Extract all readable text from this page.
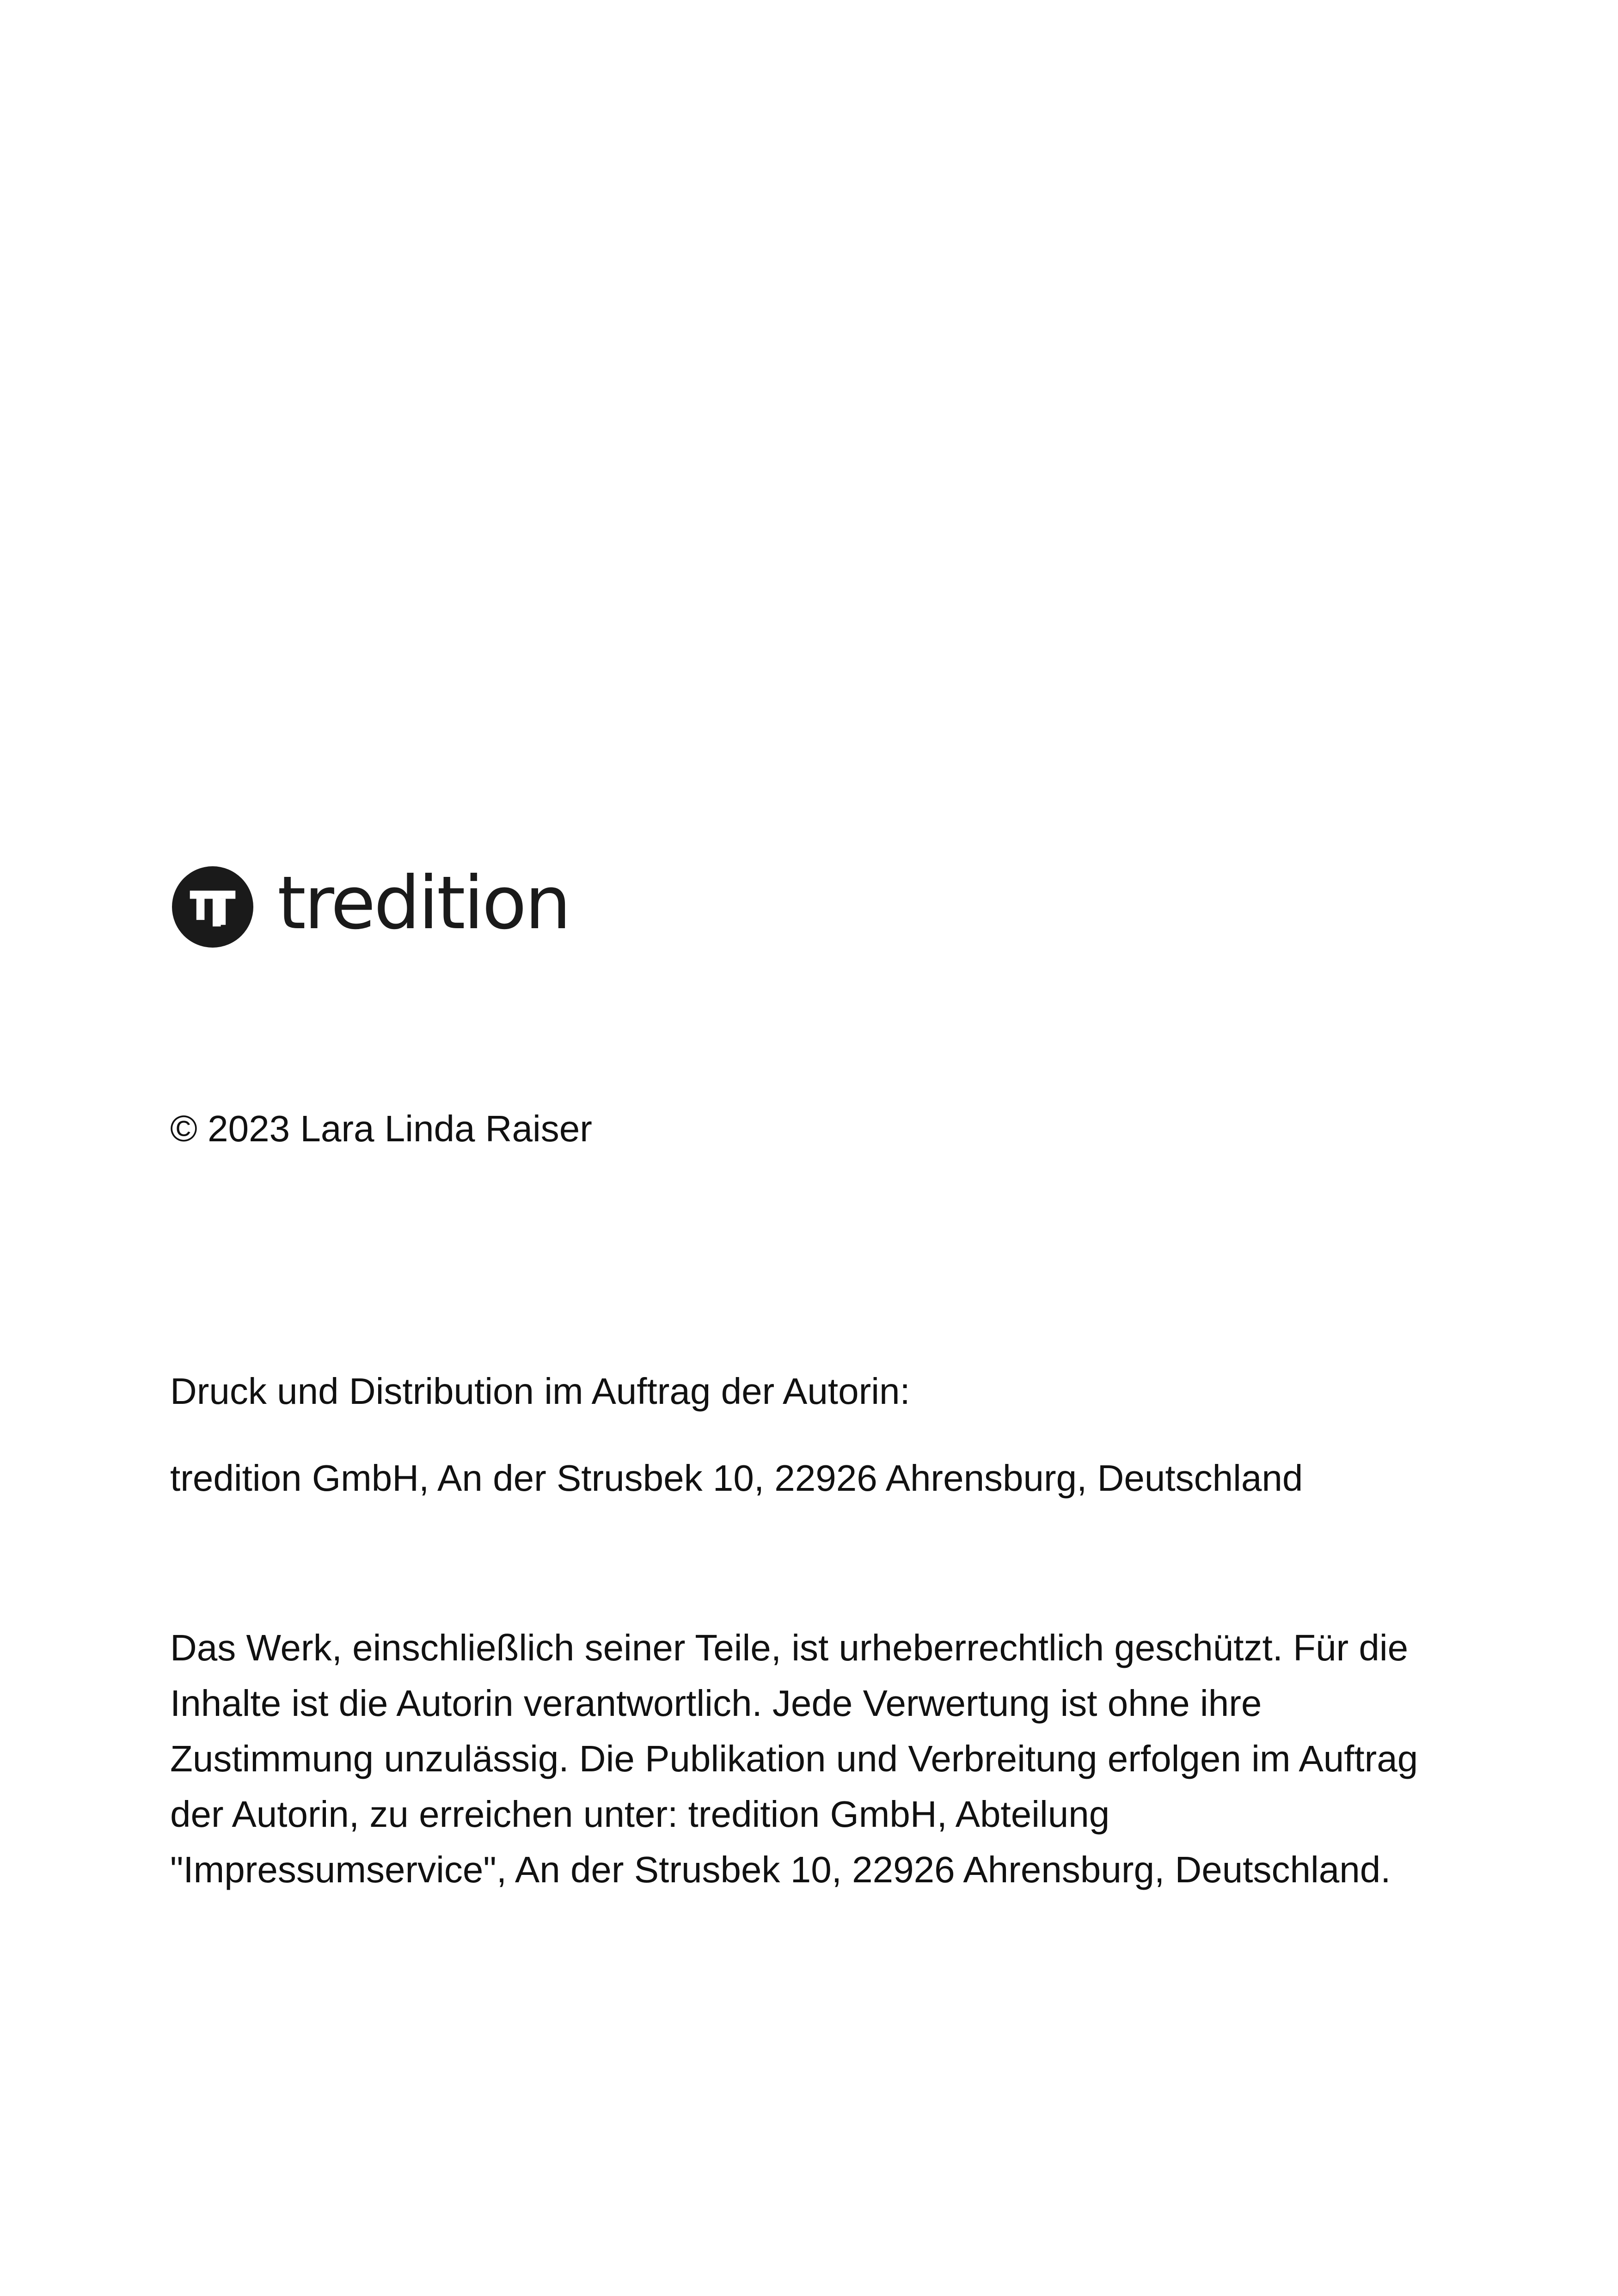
tredition

© 2023 Lara Linda Raiser

Druck und Distribution im Auftrag der Autorin:

tredition GmbH, An der Strusbek 10, 22926 Ahrensburg, Deutschland

Das Werk, einschließlich seiner Teile, ist urheberrechtlich geschützt. Für die Inhalte ist die Autorin verantwortlich. Jede Verwertung ist ohne ihre Zustimmung unzulässig. Die Publikation und Verbreitung erfolgen im Auftrag der Autorin, zu erreichen unter: tredition GmbH, Abteilung "Impressumservice", An der Strusbek 10, 22926 Ahrensburg, Deutschland.
